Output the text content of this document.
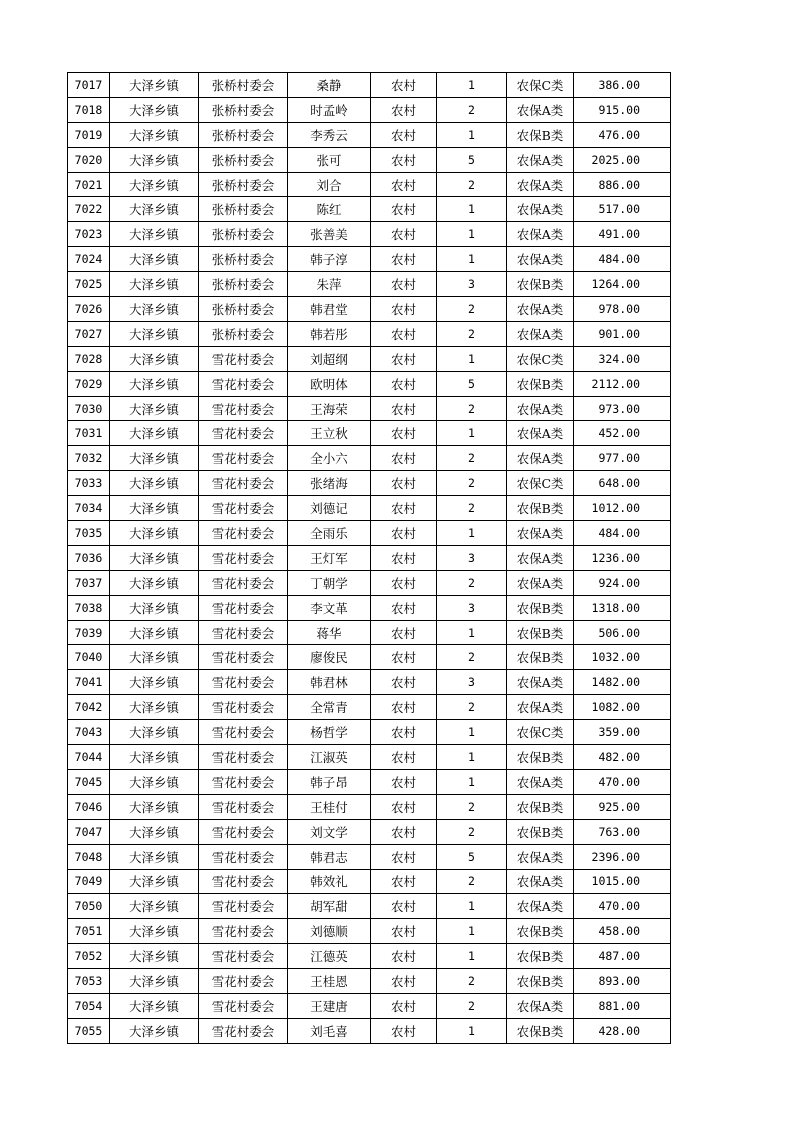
7017	大泽乡镇	张桥村委会	桑静	农村	1	农保C类	386.00
7018	大泽乡镇	张桥村委会	时孟岭	农村	2	农保A类	915.00
7019	大泽乡镇	张桥村委会	李秀云	农村	1	农保B类	476.00
7020	大泽乡镇	张桥村委会	张可	农村	5	农保A类	2025.00
7021	大泽乡镇	张桥村委会	刘合	农村	2	农保A类	886.00
7022	大泽乡镇	张桥村委会	陈红	农村	1	农保A类	517.00
7023	大泽乡镇	张桥村委会	张善美	农村	1	农保A类	491.00
7024	大泽乡镇	张桥村委会	韩子淳	农村	1	农保A类	484.00
7025	大泽乡镇	张桥村委会	朱萍	农村	3	农保B类	1264.00
7026	大泽乡镇	张桥村委会	韩君堂	农村	2	农保A类	978.00
7027	大泽乡镇	张桥村委会	韩若彤	农村	2	农保A类	901.00
7028	大泽乡镇	雪花村委会	刘超纲	农村	1	农保C类	324.00
7029	大泽乡镇	雪花村委会	欧明体	农村	5	农保B类	2112.00
7030	大泽乡镇	雪花村委会	王海荣	农村	2	农保A类	973.00
7031	大泽乡镇	雪花村委会	王立秋	农村	1	农保A类	452.00
7032	大泽乡镇	雪花村委会	全小六	农村	2	农保A类	977.00
7033	大泽乡镇	雪花村委会	张绪海	农村	2	农保C类	648.00
7034	大泽乡镇	雪花村委会	刘德记	农村	2	农保B类	1012.00
7035	大泽乡镇	雪花村委会	全雨乐	农村	1	农保A类	484.00
7036	大泽乡镇	雪花村委会	王灯军	农村	3	农保A类	1236.00
7037	大泽乡镇	雪花村委会	丁朝学	农村	2	农保A类	924.00
7038	大泽乡镇	雪花村委会	李文革	农村	3	农保B类	1318.00
7039	大泽乡镇	雪花村委会	蒋华	农村	1	农保B类	506.00
7040	大泽乡镇	雪花村委会	廖俊民	农村	2	农保B类	1032.00
7041	大泽乡镇	雪花村委会	韩君林	农村	3	农保A类	1482.00
7042	大泽乡镇	雪花村委会	全常青	农村	2	农保A类	1082.00
7043	大泽乡镇	雪花村委会	杨哲学	农村	1	农保C类	359.00
7044	大泽乡镇	雪花村委会	江淑英	农村	1	农保B类	482.00
7045	大泽乡镇	雪花村委会	韩子昂	农村	1	农保A类	470.00
7046	大泽乡镇	雪花村委会	王桂付	农村	2	农保B类	925.00
7047	大泽乡镇	雪花村委会	刘文学	农村	2	农保B类	763.00
7048	大泽乡镇	雪花村委会	韩君志	农村	5	农保A类	2396.00
7049	大泽乡镇	雪花村委会	韩效礼	农村	2	农保A类	1015.00
7050	大泽乡镇	雪花村委会	胡军甜	农村	1	农保A类	470.00
7051	大泽乡镇	雪花村委会	刘德顺	农村	1	农保B类	458.00
7052	大泽乡镇	雪花村委会	江德英	农村	1	农保B类	487.00
7053	大泽乡镇	雪花村委会	王桂恩	农村	2	农保B类	893.00
7054	大泽乡镇	雪花村委会	王建唐	农村	2	农保A类	881.00
7055	大泽乡镇	雪花村委会	刘毛喜	农村	1	农保B类	428.00
